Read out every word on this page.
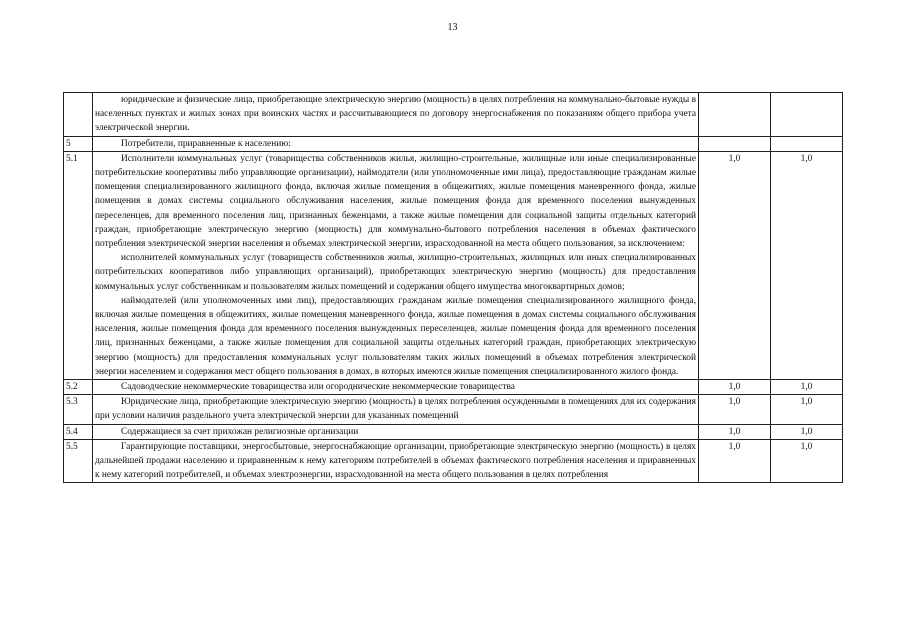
13

	юридические и физические лица, приобретающие электрическую энергию (мощность) в целях потребления на коммунально-бытовые нужды в населенных пунктах и жилых зонах при воинских частях и рассчитывающиеся по договору энергоснабжения по показаниям общего прибора учета электрической энергии.		

5	Потребители, приравненные к населению:		

5.1	Исполнители коммунальных услуг (товарищества собственников жилья, жилищно-строительные, жилищные или иные специализированные потребительские кооперативы либо управляющие организации), наймодатели (или уполномоченные ими лица), предоставляющие гражданам жилые помещения специализированного жилищного фонда, включая жилые помещения в общежитиях, жилые помещения маневренного фонда, жилые помещения в домах системы социального обслуживания населения, жилые помещения фонда для временного поселения вынужденных переселенцев, для временного поселения лиц, признанных беженцами, а также жилые помещения для социальной защиты отдельных категорий граждан, приобретающие электрическую энергию (мощность) для коммунально-бытового потребления населения в объемах фактического потребления электрической энергии населения и объемах электрической энергии, израсходованной на места общего пользования, за исключением:
исполнителей коммунальных услуг (товариществ собственников жилья, жилищно-строительных, жилищных или иных специализированных потребительских кооперативов либо управляющих организаций), приобретающих электрическую энергию (мощность) для предоставления коммунальных услуг собственникам и пользователям жилых помещений и содержания общего имущества многоквартирных домов;
наймодателей (или уполномоченных ими лиц), предоставляющих гражданам жилые помещения специализированного жилищного фонда, включая жилые помещения в общежитиях, жилые помещения маневренного фонда, жилые помещения в домах системы социального обслуживания населения, жилые помещения фонда для временного поселения вынужденных переселенцев, жилые помещения фонда для временного поселения лиц, признанных беженцами, а также жилые помещения для социальной защиты отдельных категорий граждан, приобретающих электрическую энергию (мощность) для предоставления коммунальных услуг пользователям таких жилых помещений в объемах потребления электрической энергии населением и содержания мест общего пользования в домах, в которых имеются жилые помещения специализированного жилого фонда.	1,0	1,0
5.2	Садоводческие некоммерческие товарищества или огороднические некоммерческие товарищества	1,0	1,0
5.3	Юридические лица, приобретающие электрическую энергию (мощность) в целях потребления осужденными в помещениях для их содержания при условии наличия раздельного учета электрической энергии для указанных помещений	1,0	1,0
5.4	Содержащиеся за счет прихожан религиозные организации	1,0	1,0
5.5	Гарантирующие поставщики, энергосбытовые, энергоснабжающие организации, приобретающие электрическую энергию (мощность) в целях дальнейшей продажи населению и приравненным к нему категориям потребителей в объемах фактического потребления населения и приравненных к нему категорий потребителей, и объемах электроэнергии, израсходованной на места общего пользования в целях потребления	1,0	1,0
